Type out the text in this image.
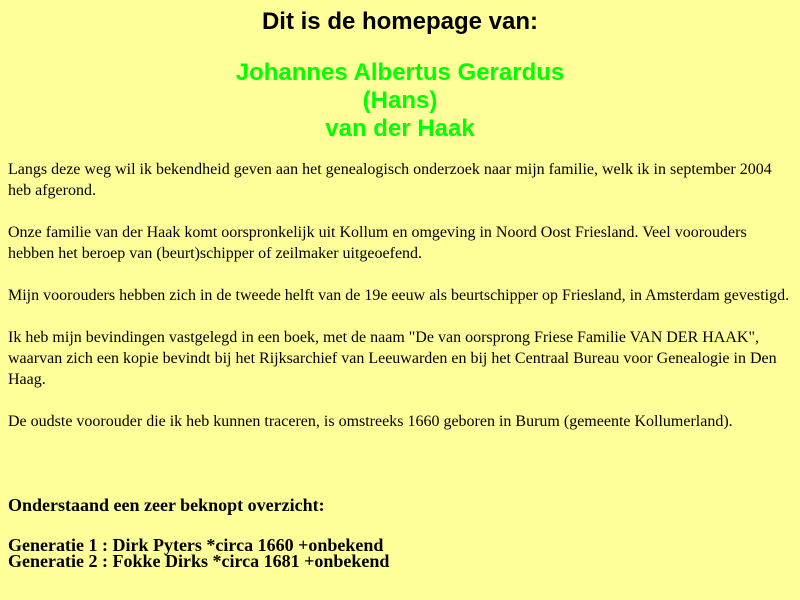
Dit is de homepage van:
Johannes Albertus Gerardus
(Hans)
van der Haak

Langs deze weg wil ik bekendheid geven aan het genealogisch onderzoek naar mijn familie, welk ik in september 2004 heb afgerond.

Onze familie van der Haak komt oorspronkelijk uit Kollum en omgeving in Noord Oost Friesland. Veel voorouders hebben het beroep van (beurt)schipper of zeilmaker uitgeoefend.

Mijn voorouders hebben zich in de tweede helft van de 19e eeuw als beurtschipper op Friesland, in Amsterdam gevestigd.

Ik heb mijn bevindingen vastgelegd in een boek, met de naam "De van oorsprong Friese Familie VAN DER HAAK", waarvan zich een kopie bevindt bij het Rijksarchief van Leeuwarden en bij het Centraal Bureau voor Genealogie in Den Haag.

De oudste voorouder die ik heb kunnen traceren, is omstreeks 1660 geboren in Burum (gemeente Kollumerland).

Onderstaand een zeer beknopt overzicht:

Generatie 1 : Dirk Pyters *circa 1660 +onbekend
Generatie 2 : Fokke Dirks *circa 1681 +onbekend
